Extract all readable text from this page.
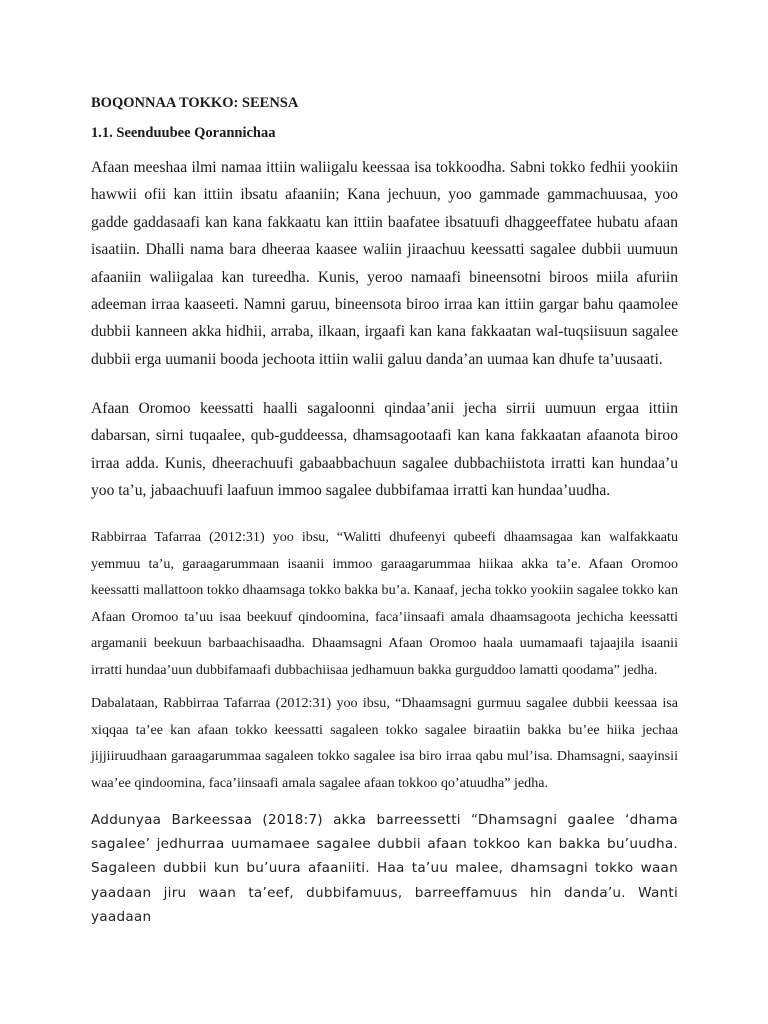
BOQONNAA TOKKO: SEENSA
1.1. Seenduubee Qorannichaa

Afaan meeshaa ilmi namaa ittiin waliigalu keessaa isa tokkoodha. Sabni tokko fedhii yookiin hawwii ofii kan ittiin ibsatu afaaniin; Kana jechuun, yoo gammade gammachuusaa, yoo gadde gaddasaafi kan kana fakkaatu kan ittiin baafatee ibsatuufi dhaggeeffatee hubatu afaan isaatiin. Dhalli nama bara dheeraa kaasee waliin jiraachuu keessatti sagalee dubbii uumuun afaaniin waliigalaa kan tureedha. Kunis, yeroo namaafi bineensotni biroos miila afuriin adeeman irraa kaaseeti. Namni garuu, bineensota biroo irraa kan ittiin gargar bahu qaamolee dubbii kanneen akka hidhii, arraba, ilkaan, irgaafi kan kana fakkaatan wal-tuqsiisuun sagalee dubbii erga uumanii booda jechoota ittiin walii galuu danda’an uumaa kan dhufe ta’uusaati.

Afaan Oromoo keessatti haalli sagaloonni qindaa’anii jecha sirrii uumuun ergaa ittiin dabarsan, sirni tuqaalee, qub-guddeessa, dhamsagootaafi kan kana fakkaatan afaanota biroo irraa adda. Kunis, dheerachuufi gabaabbachuun sagalee dubbachiistota irratti kan hundaa’u yoo ta’u, jabaachuufi laafuun immoo sagalee dubbifamaa irratti kan hundaa’uudha.

Rabbirraa Tafarraa (2012:31) yoo ibsu, “Walitti dhufeenyi qubeefi dhaamsagaa kan walfakkaatu yemmuu ta’u, garaagarummaan isaanii immoo garaagarummaa hiikaa akka ta’e. Afaan Oromoo keessatti mallattoon tokko dhaamsaga tokko bakka bu’a. Kanaaf, jecha tokko yookiin sagalee tokko kan Afaan Oromoo ta’uu isaa beekuuf qindoomina, faca’iinsaafi amala dhaamsagoota jechicha keessatti argamanii beekuun barbaachisaadha. Dhaamsagni Afaan Oromoo haala uumamaafi tajaajila isaanii irratti hundaa’uun dubbifamaafi dubbachiisaa jedhamuun bakka gurguddoo lamatti qoodama” jedha.

Dabalataan, Rabbirraa Tafarraa (2012:31) yoo ibsu, “Dhaamsagni gurmuu sagalee dubbii keessaa isa xiqqaa ta’ee kan afaan tokko keessatti sagaleen tokko sagalee biraatiin bakka bu’ee hiika jechaa jijjiiruudhaan garaagarummaa sagaleen tokko sagalee isa biro irraa qabu mul’isa. Dhamsagni, saayinsii waa’ee qindoomina, faca’iinsaafi amala sagalee afaan tokkoo qo’atuudha” jedha.

Addunyaa Barkeessaa (2018:7) akka barreessetti “Dhamsagni gaalee ‘dhama sagalee’ jedhurraa uumamaee sagalee dubbii afaan tokkoo kan bakka bu’uudha. Sagaleen dubbii kun bu’uura afaaniiti. Haa ta’uu malee, dhamsagni tokko waan yaadaan jiru waan ta’eef, dubbifamuus, barreeffamuus hin danda’u. Wanti yaadaan
